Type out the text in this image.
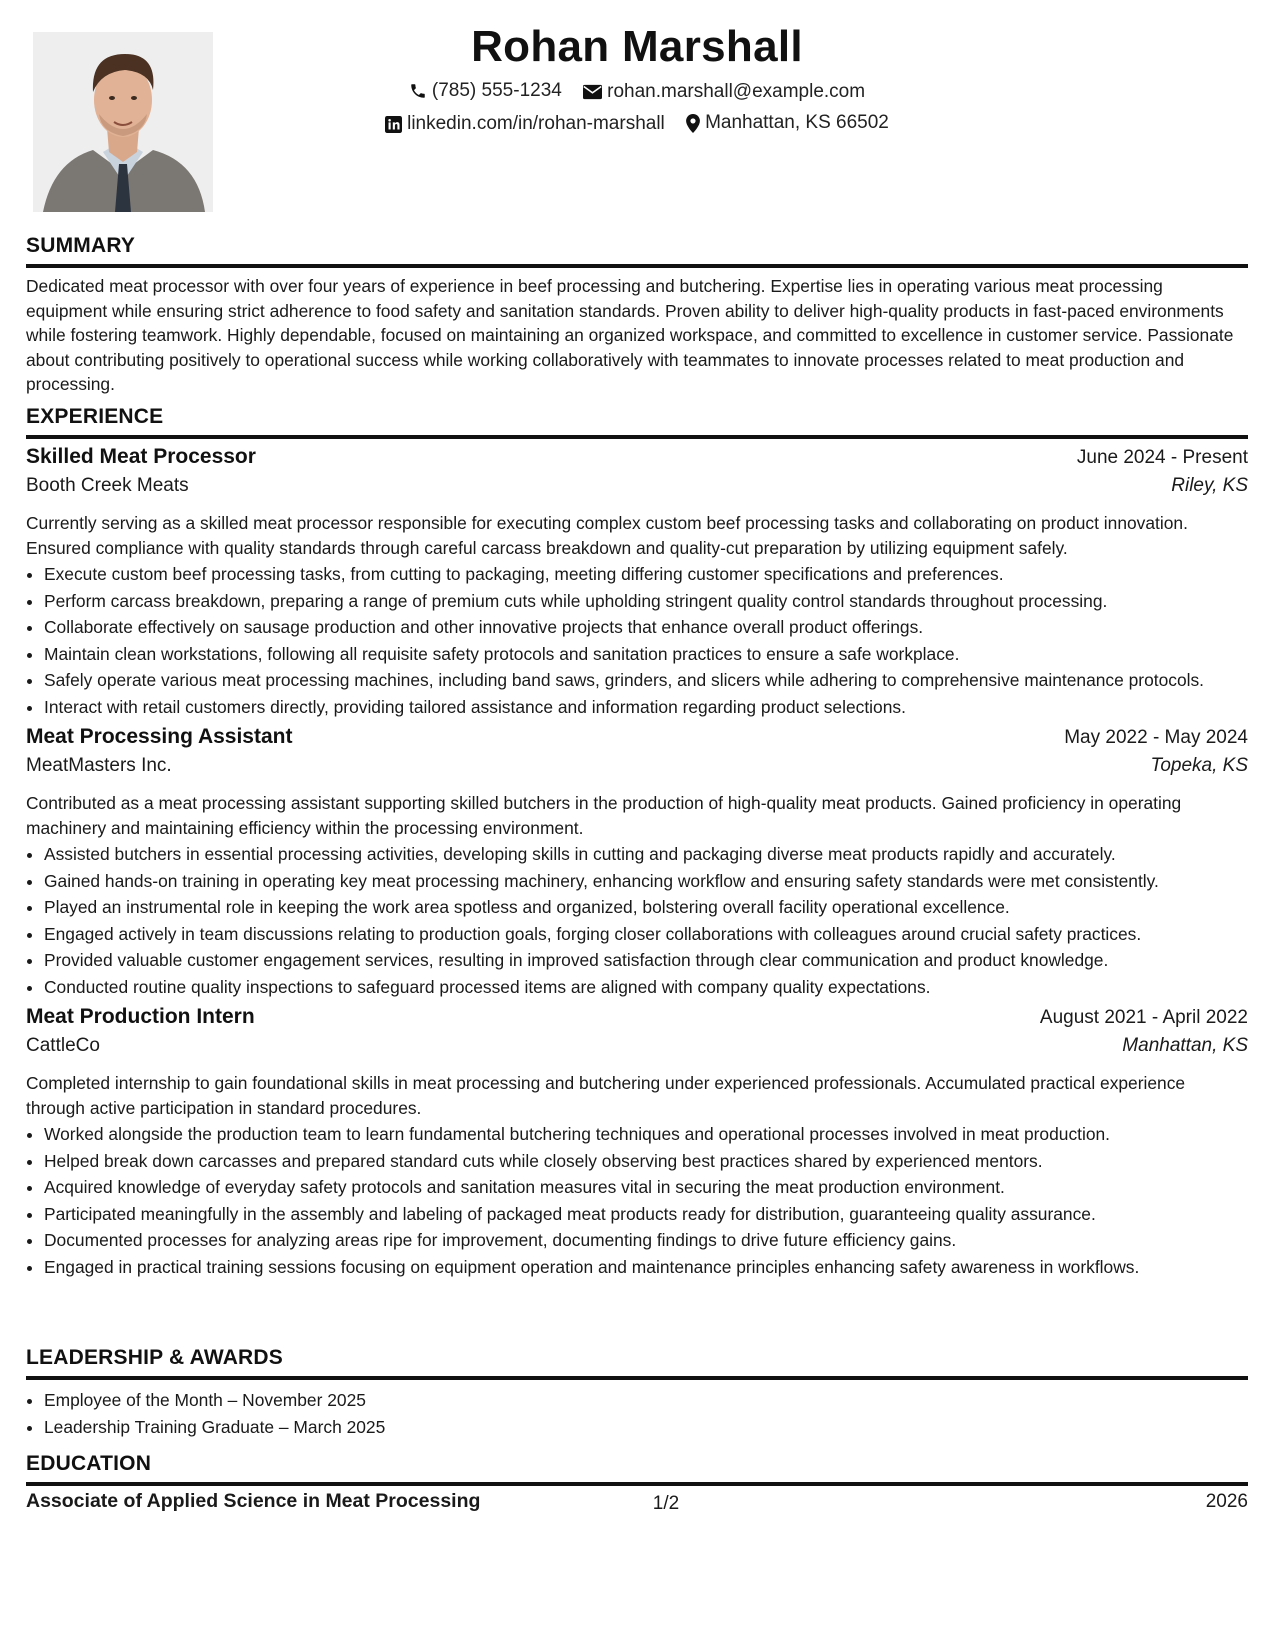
Rohan Marshall
(785) 555-1234
rohan.marshall@example.com
linkedin.com/in/rohan-marshall
Manhattan, KS 66502
SUMMARY
Dedicated meat processor with over four years of experience in beef processing and butchering. Expertise lies in operating various meat processing equipment while ensuring strict adherence to food safety and sanitation standards. Proven ability to deliver high-quality products in fast-paced environments while fostering teamwork. Highly dependable, focused on maintaining an organized workspace, and committed to excellence in customer service. Passionate about contributing positively to operational success while working collaboratively with teammates to innovate processes related to meat production and processing.
EXPERIENCE
Skilled Meat Processor	June 2024 - Present
Booth Creek Meats	Riley, KS
Currently serving as a skilled meat processor responsible for executing complex custom beef processing tasks and collaborating on product innovation. Ensured compliance with quality standards through careful carcass breakdown and quality-cut preparation by utilizing equipment safely.
• Execute custom beef processing tasks, from cutting to packaging, meeting differing customer specifications and preferences.
• Perform carcass breakdown, preparing a range of premium cuts while upholding stringent quality control standards throughout processing.
• Collaborate effectively on sausage production and other innovative projects that enhance overall product offerings.
• Maintain clean workstations, following all requisite safety protocols and sanitation practices to ensure a safe workplace.
• Safely operate various meat processing machines, including band saws, grinders, and slicers while adhering to comprehensive maintenance protocols.
• Interact with retail customers directly, providing tailored assistance and information regarding product selections.
Meat Processing Assistant	May 2022 - May 2024
MeatMasters Inc.	Topeka, KS
Contributed as a meat processing assistant supporting skilled butchers in the production of high-quality meat products. Gained proficiency in operating machinery and maintaining efficiency within the processing environment.
• Assisted butchers in essential processing activities, developing skills in cutting and packaging diverse meat products rapidly and accurately.
• Gained hands-on training in operating key meat processing machinery, enhancing workflow and ensuring safety standards were met consistently.
• Played an instrumental role in keeping the work area spotless and organized, bolstering overall facility operational excellence.
• Engaged actively in team discussions relating to production goals, forging closer collaborations with colleagues around crucial safety practices.
• Provided valuable customer engagement services, resulting in improved satisfaction through clear communication and product knowledge.
• Conducted routine quality inspections to safeguard processed items are aligned with company quality expectations.
Meat Production Intern	August 2021 - April 2022
CattleCo	Manhattan, KS
Completed internship to gain foundational skills in meat processing and butchering under experienced professionals. Accumulated practical experience through active participation in standard procedures.
• Worked alongside the production team to learn fundamental butchering techniques and operational processes involved in meat production.
• Helped break down carcasses and prepared standard cuts while closely observing best practices shared by experienced mentors.
• Acquired knowledge of everyday safety protocols and sanitation measures vital in securing the meat production environment.
• Participated meaningfully in the assembly and labeling of packaged meat products ready for distribution, guaranteeing quality assurance.
• Documented processes for analyzing areas ripe for improvement, documenting findings to drive future efficiency gains.
• Engaged in practical training sessions focusing on equipment operation and maintenance principles enhancing safety awareness in workflows.
LEADERSHIP & AWARDS
• Employee of the Month – November 2025
• Leadership Training Graduate – March 2025
EDUCATION
Associate of Applied Science in Meat Processing	2026
1/2
